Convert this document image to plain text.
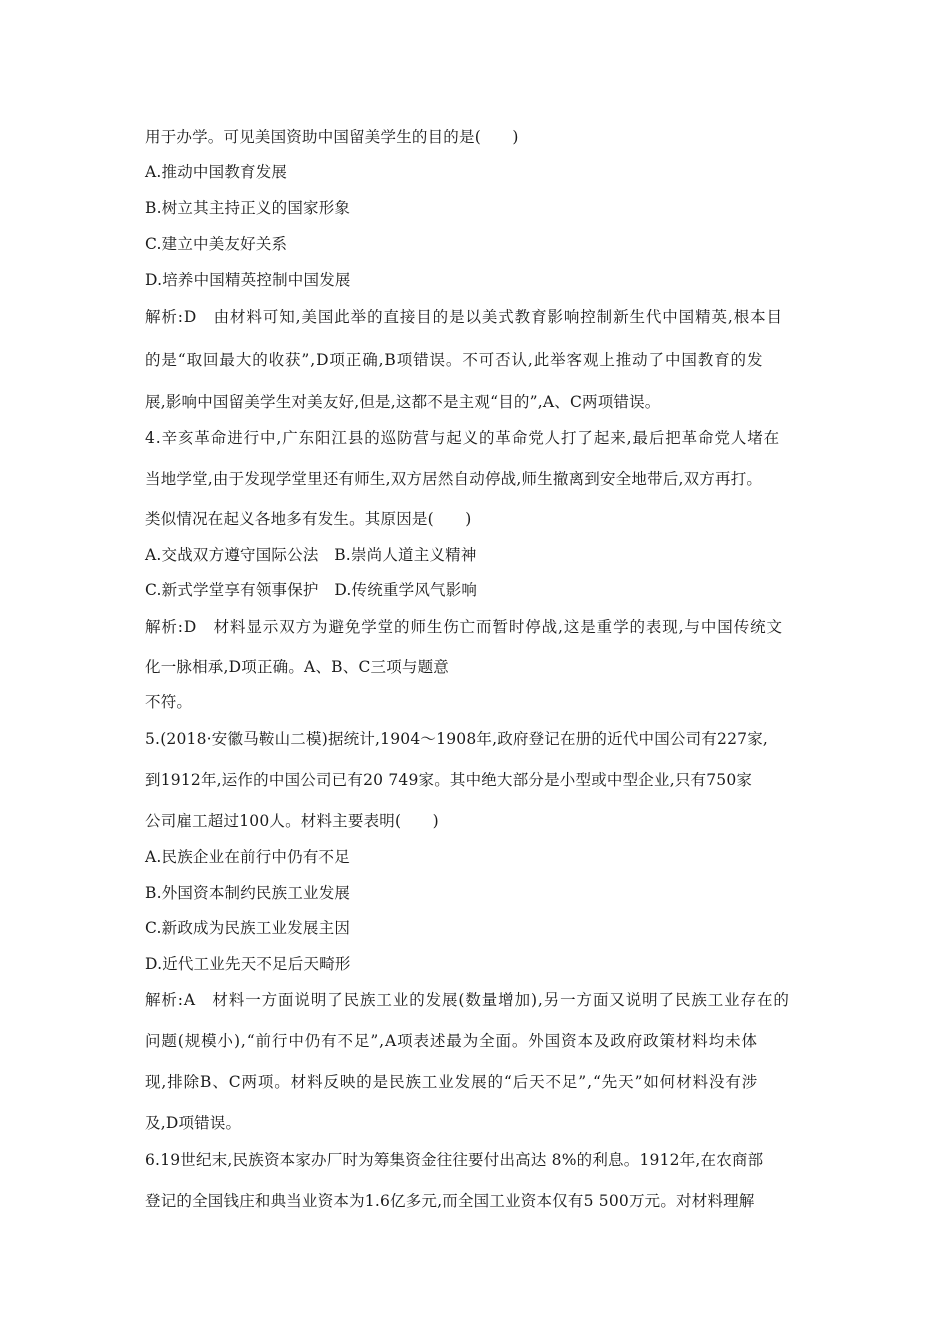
用于办学。可见美国资助中国留美学生的目的是(　　)
A.推动中国教育发展
B.树立其主持正义的国家形象
C.建立中美友好关系
D.培养中国精英控制中国发展
解析:D　由材料可知,美国此举的直接目的是以美式教育影响控制新生代中国精英,根本目
的是“取回最大的收获”,D项正确,B项错误。不可否认,此举客观上推动了中国教育的发
展,影响中国留美学生对美友好,但是,这都不是主观“目的”,A、C两项错误。
4.辛亥革命进行中,广东阳江县的巡防营与起义的革命党人打了起来,最后把革命党人堵在
当地学堂,由于发现学堂里还有师生,双方居然自动停战,师生撤离到安全地带后,双方再打。
类似情况在起义各地多有发生。其原因是(　　)
A.交战双方遵守国际公法　B.崇尚人道主义精神
C.新式学堂享有领事保护　D.传统重学风气影响
解析:D　材料显示双方为避免学堂的师生伤亡而暂时停战,这是重学的表现,与中国传统文
化一脉相承,D项正确。A、B、C三项与题意
不符。
5.(2018·安徽马鞍山二模)据统计,1904～1908年,政府登记在册的近代中国公司有227家,
到1912年,运作的中国公司已有20 749家。其中绝大部分是小型或中型企业,只有750家
公司雇工超过100人。材料主要表明(　　)
A.民族企业在前行中仍有不足
B.外国资本制约民族工业发展
C.新政成为民族工业发展主因
D.近代工业先天不足后天畸形
解析:A　材料一方面说明了民族工业的发展(数量增加),另一方面又说明了民族工业存在的
问题(规模小),“前行中仍有不足”,A项表述最为全面。外国资本及政府政策材料均未体
现,排除B、C两项。材料反映的是民族工业发展的“后天不足”,“先天”如何材料没有涉
及,D项错误。
6.19世纪末,民族资本家办厂时为筹集资金往往要付出高达 8%的利息。1912年,在农商部
登记的全国钱庄和典当业资本为1.6亿多元,而全国工业资本仅有5 500万元。对材料理解
